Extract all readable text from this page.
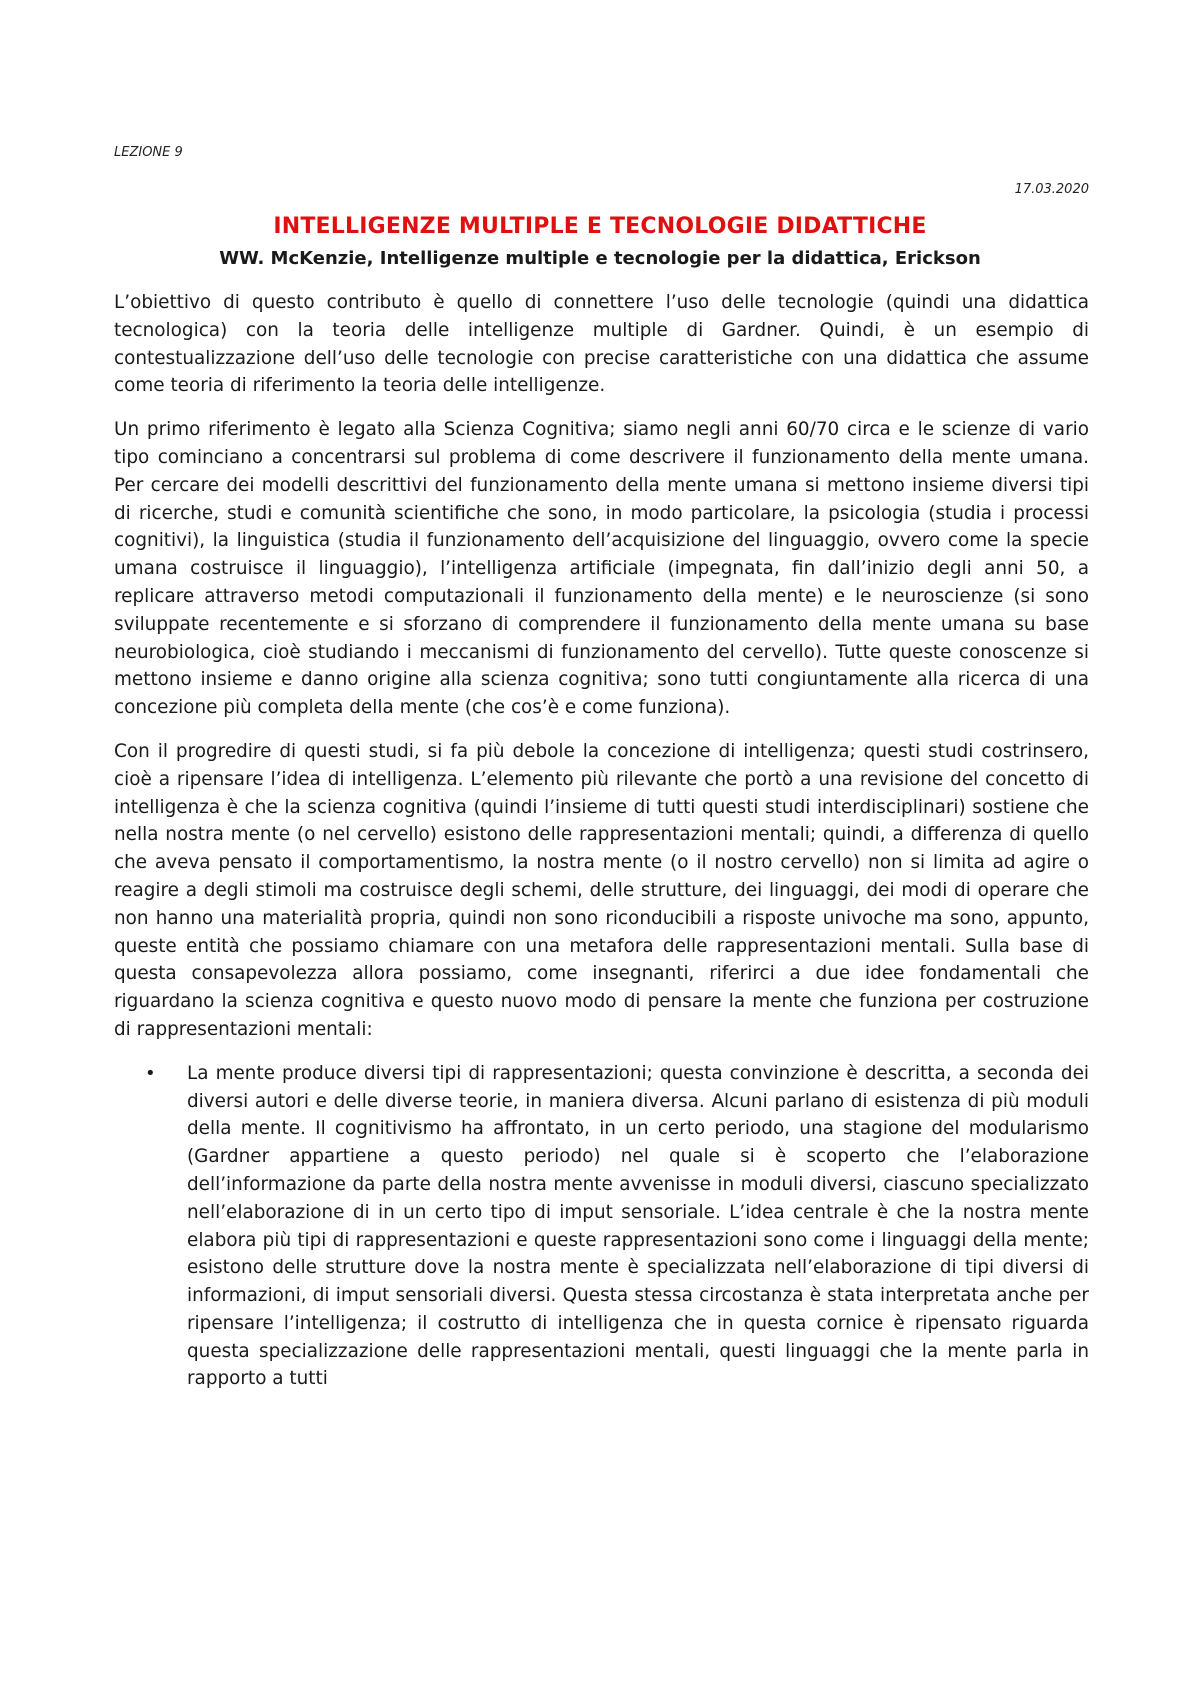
LEZIONE 9
17.03.2020
INTELLIGENZE MULTIPLE E TECNOLOGIE DIDATTICHE
WW. McKenzie, Intelligenze multiple e tecnologie per la didattica, Erickson

L’obiettivo di questo contributo è quello di connettere l’uso delle tecnologie (quindi una didattica tecnologica) con la teoria delle intelligenze multiple di Gardner. Quindi, è un esempio di contestualizzazione dell’uso delle tecnologie con precise caratteristiche con una didattica che assume come teoria di riferimento la teoria delle intelligenze.

Un primo riferimento è legato alla Scienza Cognitiva; siamo negli anni 60/70 circa e le scienze di vario tipo cominciano a concentrarsi sul problema di come descrivere il funzionamento della mente umana. Per cercare dei modelli descrittivi del funzionamento della mente umana si mettono insieme diversi tipi di ricerche, studi e comunità scientifiche che sono, in modo particolare, la psicologia (studia i processi cognitivi), la linguistica (studia il funzionamento dell’acquisizione del linguaggio, ovvero come la specie umana costruisce il linguaggio), l’intelligenza artificiale (impegnata, fin dall’inizio degli anni 50, a replicare attraverso metodi computazionali il funzionamento della mente) e le neuroscienze (si sono sviluppate recentemente e si sforzano di comprendere il funzionamento della mente umana su base neurobiologica, cioè studiando i meccanismi di funzionamento del cervello). Tutte queste conoscenze si mettono insieme e danno origine alla scienza cognitiva; sono tutti congiuntamente alla ricerca di una concezione più completa della mente (che cos’è e come funziona).

Con il progredire di questi studi, si fa più debole la concezione di intelligenza; questi studi costrinsero, cioè a ripensare l’idea di intelligenza. L’elemento più rilevante che portò a una revisione del concetto di intelligenza è che la scienza cognitiva (quindi l’insieme di tutti questi studi interdisciplinari) sostiene che nella nostra mente (o nel cervello) esistono delle rappresentazioni mentali; quindi, a differenza di quello che aveva pensato il comportamentismo, la nostra mente (o il nostro cervello) non si limita ad agire o reagire a degli stimoli ma costruisce degli schemi, delle strutture, dei linguaggi, dei modi di operare che non hanno una materialità propria, quindi non sono riconducibili a risposte univoche ma sono, appunto, queste entità che possiamo chiamare con una metafora delle rappresentazioni mentali. Sulla base di questa consapevolezza allora possiamo, come insegnanti, riferirci a due idee fondamentali che riguardano la scienza cognitiva e questo nuovo modo di pensare la mente che funziona per costruzione di rappresentazioni mentali:

• La mente produce diversi tipi di rappresentazioni; questa convinzione è descritta, a seconda dei diversi autori e delle diverse teorie, in maniera diversa. Alcuni parlano di esistenza di più moduli della mente. Il cognitivismo ha affrontato, in un certo periodo, una stagione del modularismo (Gardner appartiene a questo periodo) nel quale si è scoperto che l’elaborazione dell’informazione da parte della nostra mente avvenisse in moduli diversi, ciascuno specializzato nell’elaborazione di in un certo tipo di imput sensoriale. L’idea centrale è che la nostra mente elabora più tipi di rappresentazioni e queste rappresentazioni sono come i linguaggi della mente; esistono delle strutture dove la nostra mente è specializzata nell’elaborazione di tipi diversi di informazioni, di imput sensoriali diversi. Questa stessa circostanza è stata interpretata anche per ripensare l’intelligenza; il costrutto di intelligenza che in questa cornice è ripensato riguarda questa specializzazione delle rappresentazioni mentali, questi linguaggi che la mente parla in rapporto a tutti
